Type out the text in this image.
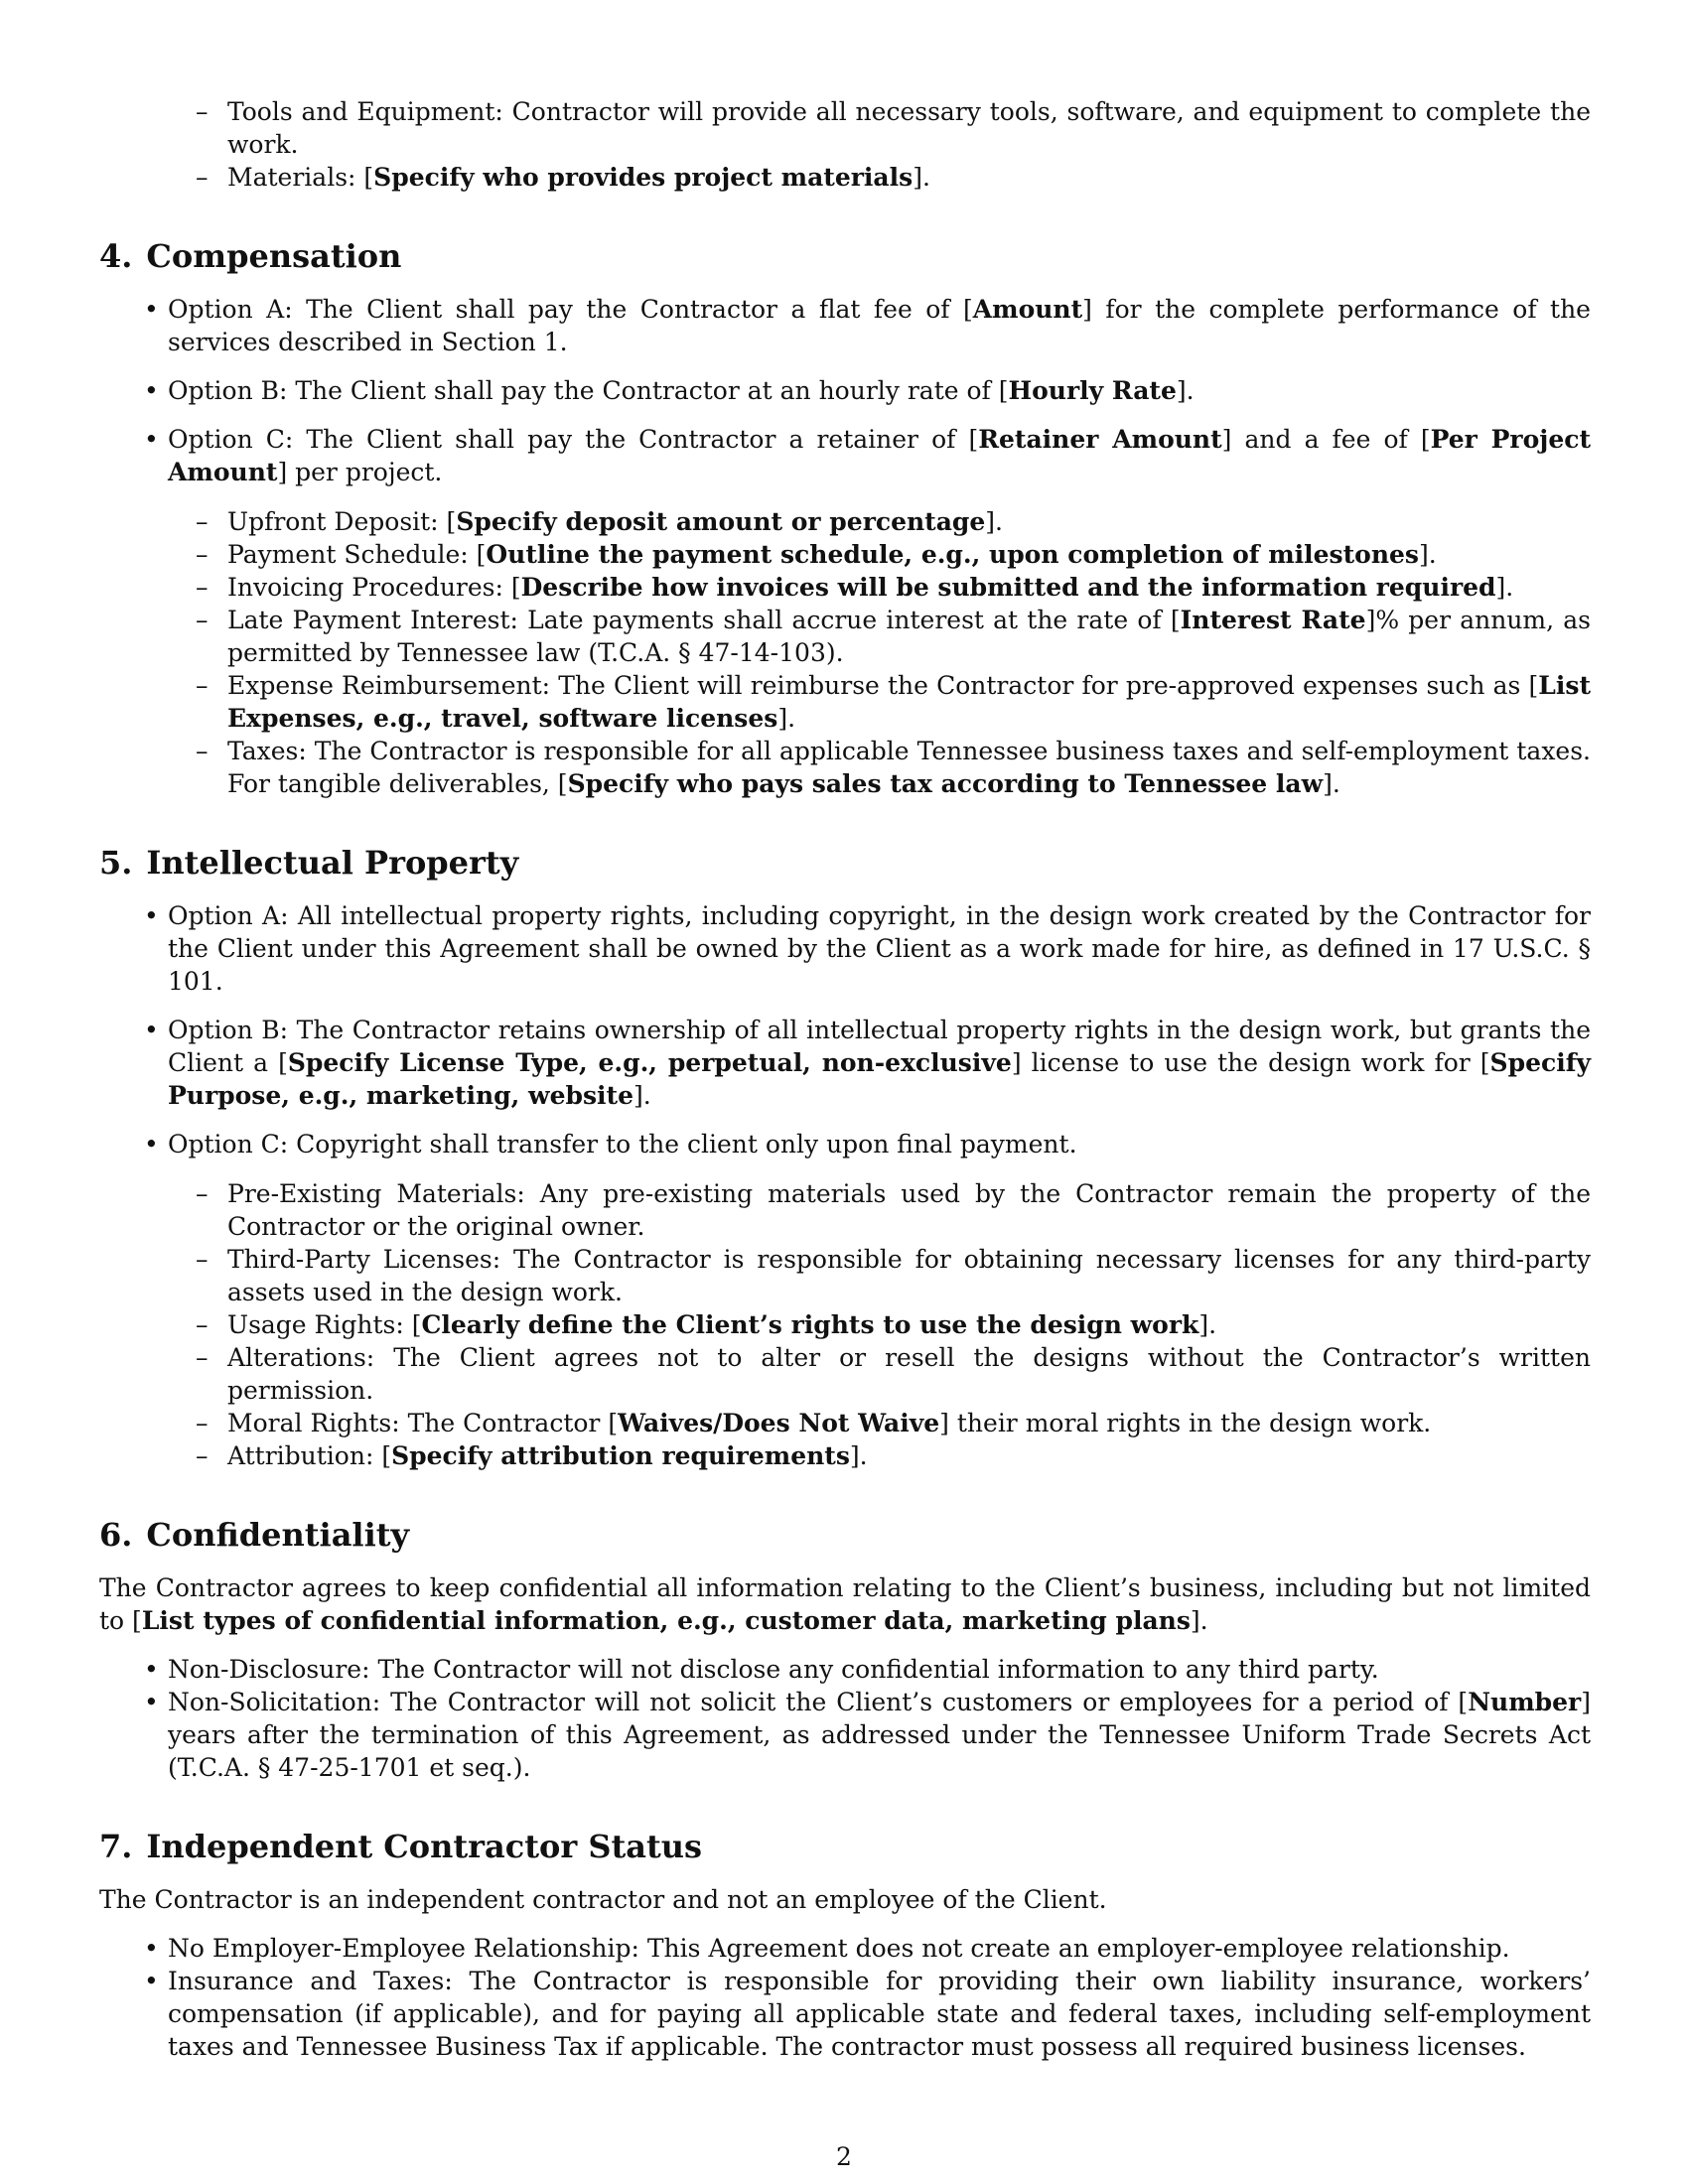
– Tools and Equipment: Contractor will provide all necessary tools, software, and equipment to complete the work.
– Materials: [Specify who provides project materials].
4. Compensation
• Option A: The Client shall pay the Contractor a flat fee of [Amount] for the complete performance of the services described in Section 1.
• Option B: The Client shall pay the Contractor at an hourly rate of [Hourly Rate].
• Option C: The Client shall pay the Contractor a retainer of [Retainer Amount] and a fee of [Per Project Amount] per project.
– Upfront Deposit: [Specify deposit amount or percentage].
– Payment Schedule: [Outline the payment schedule, e.g., upon completion of milestones].
– Invoicing Procedures: [Describe how invoices will be submitted and the information required].
– Late Payment Interest: Late payments shall accrue interest at the rate of [Interest Rate]% per annum, as permitted by Tennessee law (T.C.A. § 47-14-103).
– Expense Reimbursement: The Client will reimburse the Contractor for pre-approved expenses such as [List Expenses, e.g., travel, software licenses].
– Taxes: The Contractor is responsible for all applicable Tennessee business taxes and self-employment taxes. For tangible deliverables, [Specify who pays sales tax according to Tennessee law].
5. Intellectual Property
• Option A: All intellectual property rights, including copyright, in the design work created by the Contractor for the Client under this Agreement shall be owned by the Client as a work made for hire, as defined in 17 U.S.C. § 101.
• Option B: The Contractor retains ownership of all intellectual property rights in the design work, but grants the Client a [Specify License Type, e.g., perpetual, non-exclusive] license to use the design work for [Specify Purpose, e.g., marketing, website].
• Option C: Copyright shall transfer to the client only upon final payment.
– Pre-Existing Materials: Any pre-existing materials used by the Contractor remain the property of the Contractor or the original owner.
– Third-Party Licenses: The Contractor is responsible for obtaining necessary licenses for any third-party assets used in the design work.
– Usage Rights: [Clearly define the Client’s rights to use the design work].
– Alterations: The Client agrees not to alter or resell the designs without the Contractor’s written permission.
– Moral Rights: The Contractor [Waives/Does Not Waive] their moral rights in the design work.
– Attribution: [Specify attribution requirements].
6. Confidentiality

The Contractor agrees to keep confidential all information relating to the Client’s business, including but not limited to [List types of confidential information, e.g., customer data, marketing plans].

• Non-Disclosure: The Contractor will not disclose any confidential information to any third party.
• Non-Solicitation: The Contractor will not solicit the Client’s customers or employees for a period of [Number] years after the termination of this Agreement, as addressed under the Tennessee Uniform Trade Secrets Act (T.C.A. § 47-25-1701 et seq.).
7. Independent Contractor Status

The Contractor is an independent contractor and not an employee of the Client.

• No Employer-Employee Relationship: This Agreement does not create an employer-employee relationship.
• Insurance and Taxes: The Contractor is responsible for providing their own liability insurance, workers’ compensation (if applicable), and for paying all applicable state and federal taxes, including self-employment taxes and Tennessee Business Tax if applicable. The contractor must possess all required business licenses.
2
